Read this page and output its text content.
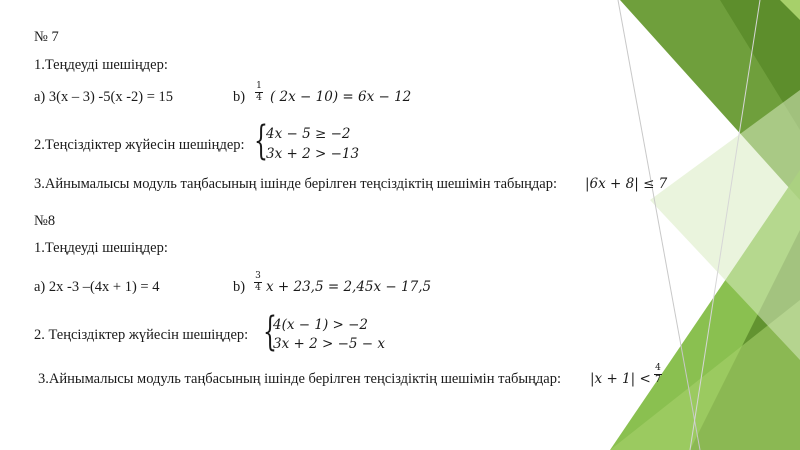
№ 7
1.Теңдеуді шешіңдер:
а) 3(х – 3) -5(х -2) = 15	b)
1
4 ( 2𝑥 − 10) = 6𝑥 − 12
2.Теңсіздіктер жүйесін шешіңдер: {
4𝑥 − 5 ≥ −2
3𝑥 + 2 > −13
3.Айнымалысы модуль таңбасының ішінде берілген теңсіздіктің шешімін табыңдар: |6𝑥 + 8| ≤ 7
№8
1.Теңдеуді шешіңдер:
а) 2х -3 –(4х + 1) = 4	b)
3
4 𝑥 + 23,5 = 2,45𝑥 − 17,5
2. Теңсіздіктер жүйесін шешіңдер: {
4(𝑥 − 1) > −2
3𝑥 + 2 > −5 − 𝑥
3.Айнымалысы модуль таңбасының ішінде берілген теңсіздіктің шешімін табыңдар: |𝑥 + 1| <
4
7
